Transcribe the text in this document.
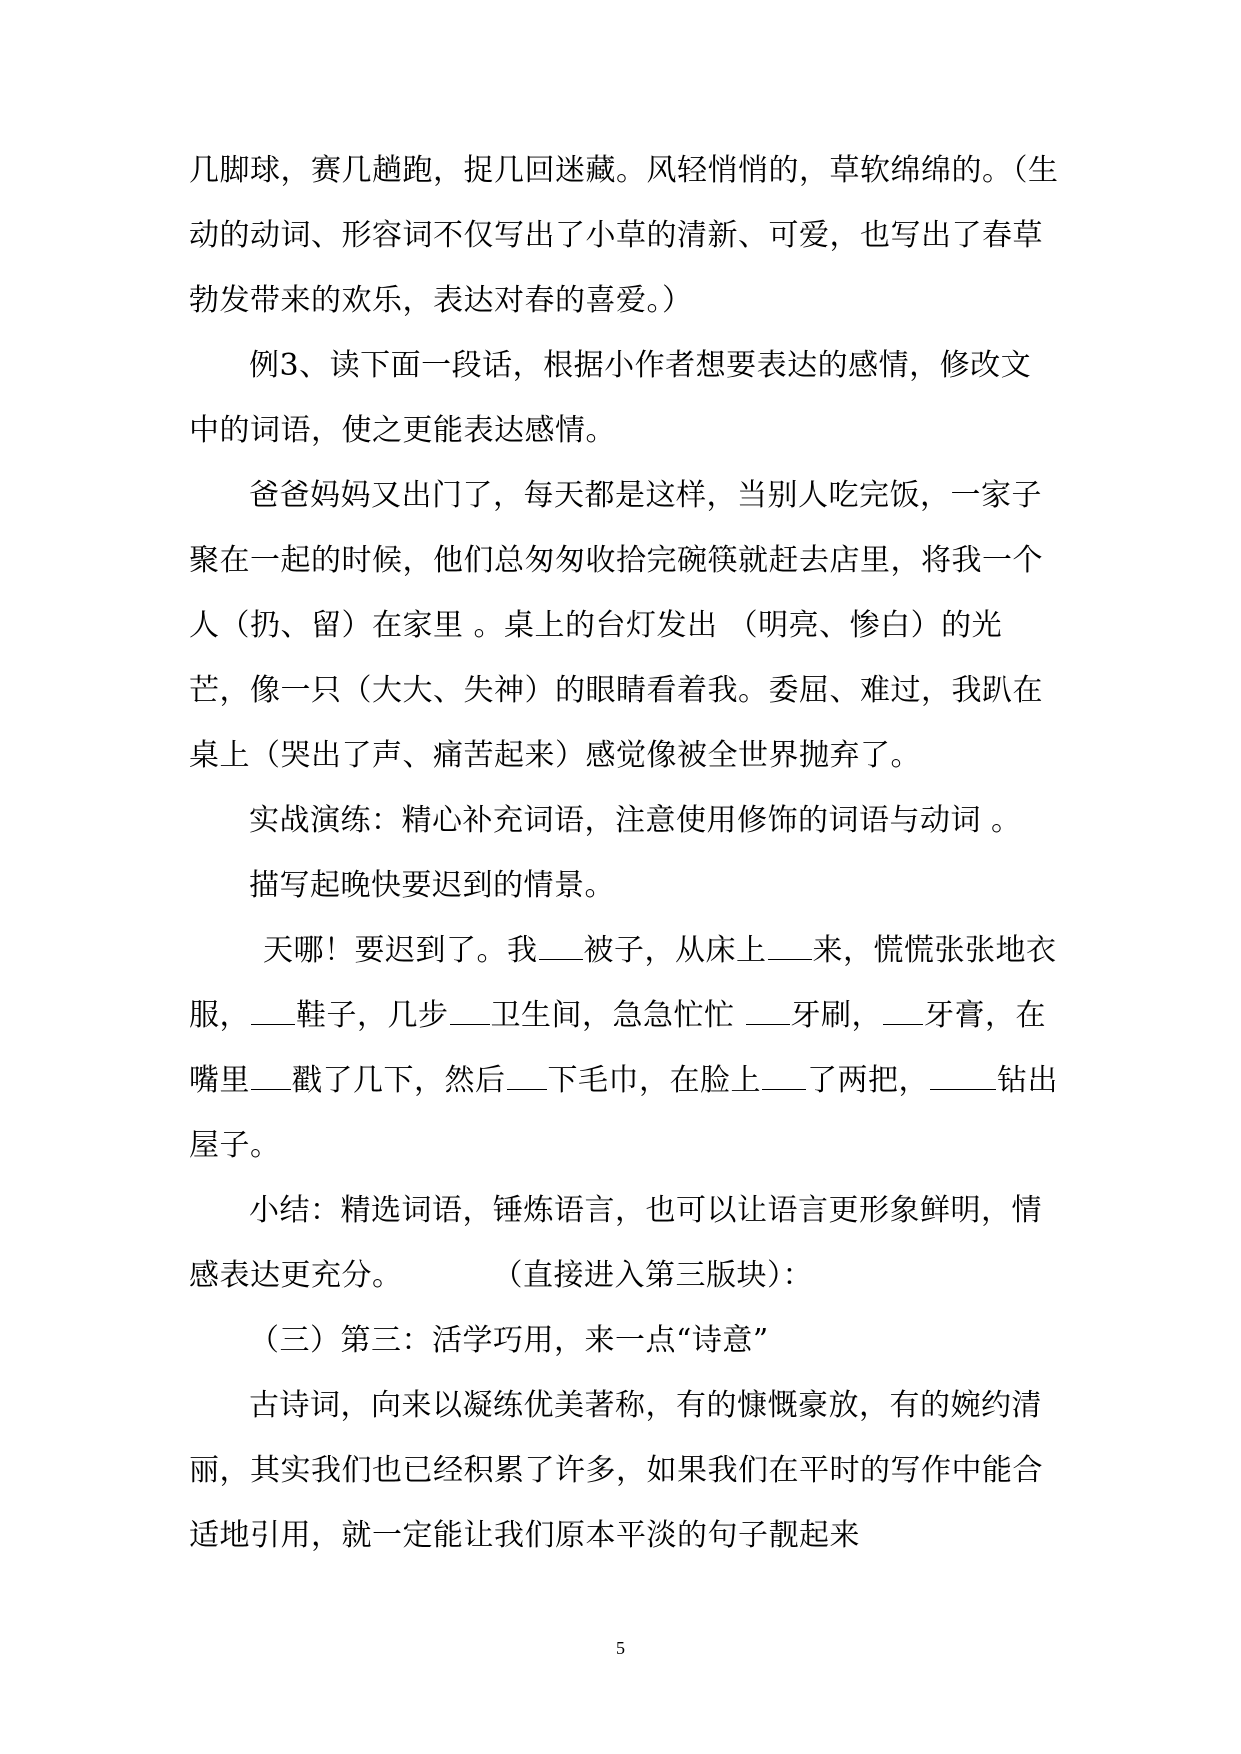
几脚球，赛几趟跑，捉几回迷藏。风轻悄悄的，草软绵绵的。（生动的动词、形容词不仅写出了小草的清新、可爱，也写出了春草勃发带来的欢乐，表达对春的喜爱。）

例3、读下面一段话，根据小作者想要表达的感情，修改文中的词语，使之更能表达感情。

爸爸妈妈又出门了，每天都是这样，当别人吃完饭，一家子聚在一起的时候，他们总匆匆收拾完碗筷就赶去店里，将我一个人（扔、留）在家里 。桌上的台灯发出 （明亮、惨白）的光芒，像一只（大大、失神）的眼睛看着我。委屈、难过，我趴在桌上（哭出了声、痛苦起来）感觉像被全世界抛弃了。

实战演练：精心补充词语，注意使用修饰的词语与动词 。

描写起晚快要迟到的情景。

天哪！要迟到了。我 被子，从床上 来，慌慌张张地衣服， 鞋子，几步 卫生间，急急忙忙 牙刷， 牙膏，在嘴里 戳了几下，然后 下毛巾，在脸上 了两把， 钻出屋子。

小结：精选词语，锤炼语言，也可以让语言更形象鲜明，情感表达更充分。	（直接进入第三版块）：

（三）第三：活学巧用，来一点“诗意”

古诗词，向来以凝练优美著称，有的慷慨豪放，有的婉约清丽，其实我们也已经积累了许多，如果我们在平时的写作中能合适地引用，就一定能让我们原本平淡的句子靓起来

5
